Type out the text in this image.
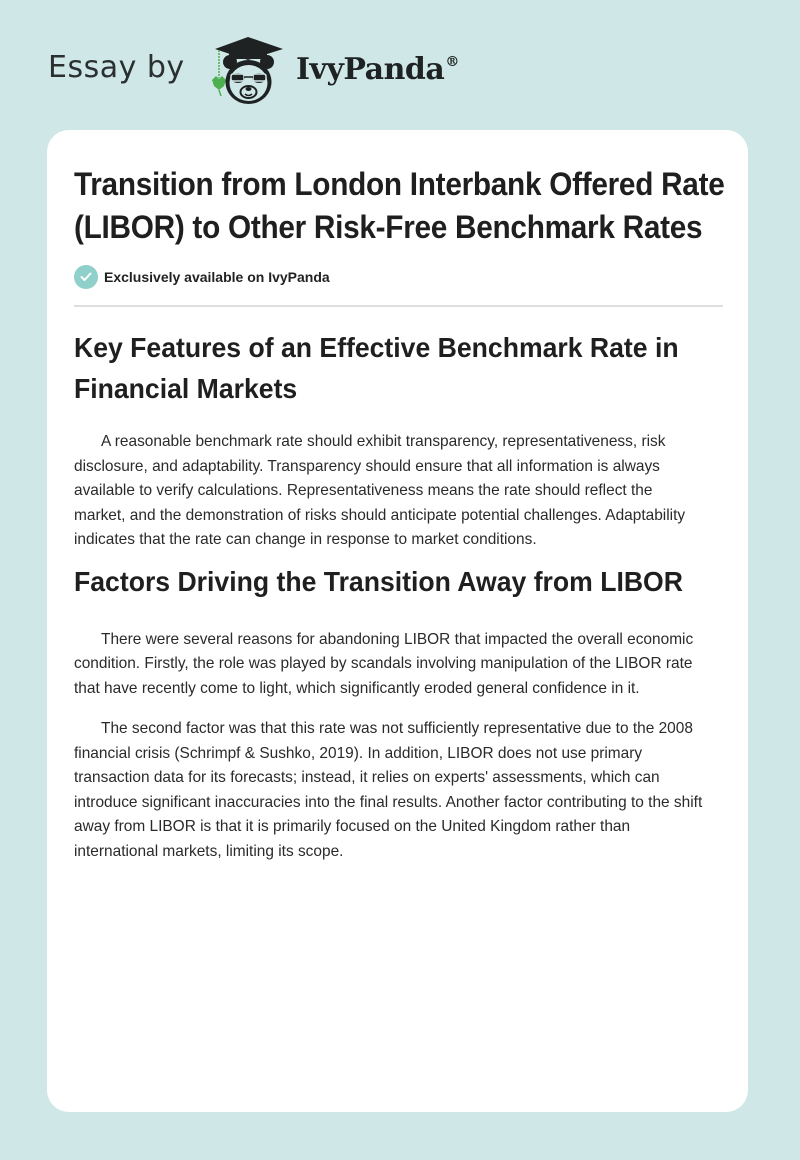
Essay by	IvyPanda®
Transition from London Interbank Offered Rate (LIBOR) to Other Risk-Free Benchmark Rates
Exclusively available on IvyPanda
Key Features of an Effective Benchmark Rate in Financial Markets

A reasonable benchmark rate should exhibit transparency, representativeness, risk disclosure, and adaptability. Transparency should ensure that all information is always available to verify calculations. Representativeness means the rate should reflect the market, and the demonstration of risks should anticipate potential challenges. Adaptability indicates that the rate can change in response to market conditions.

Factors Driving the Transition Away from LIBOR

There were several reasons for abandoning LIBOR that impacted the overall economic condition. Firstly, the role was played by scandals involving manipulation of the LIBOR rate that have recently come to light, which significantly eroded general confidence in it.

The second factor was that this rate was not sufficiently representative due to the 2008 financial crisis (Schrimpf & Sushko, 2019). In addition, LIBOR does not use primary transaction data for its forecasts; instead, it relies on experts' assessments, which can introduce significant inaccuracies into the final results. Another factor contributing to the shift away from LIBOR is that it is primarily focused on the United Kingdom rather than international markets, limiting its scope.
